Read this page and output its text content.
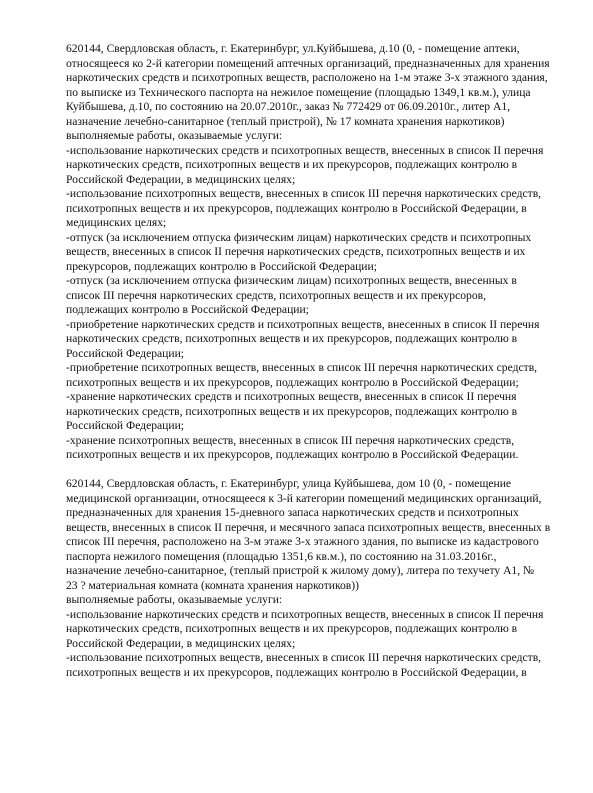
620144, Свердловская область, г. Екатеринбург, ул.Куйбышева, д.10 (0, - помещение аптеки,
относящееся ко 2-й категории помещений аптечных организаций, предназначенных для хранения
наркотических средств и психотропных веществ, расположено на 1-м этаже 3-х этажного здания,
по выписке из Технического паспорта на нежилое помещение (площадью 1349,1 кв.м.), улица
Куйбышева, д.10, по состоянию на 20.07.2010г., заказ № 772429 от 06.09.2010г., литер А1,
назначение лечебно-санитарное (теплый пристрой), № 17 комната хранения наркотиков)
выполняемые работы, оказываемые услуги:
-использование наркотических средств и психотропных веществ, внесенных в список II перечня
наркотических средств, психотропных веществ и их прекурсоров, подлежащих контролю в
Российской Федерации, в медицинских целях;
-использование психотропных веществ, внесенных в список III перечня наркотических средств,
психотропных веществ и их прекурсоров, подлежащих контролю в Российской Федерации, в
медицинских целях;
-отпуск (за исключением отпуска физическим лицам) наркотических средств и психотропных
веществ, внесенных в список II перечня наркотических средств, психотропных веществ и их
прекурсоров, подлежащих контролю в Российской Федерации;
-отпуск (за исключением отпуска физическим лицам) психотропных веществ, внесенных в
список III перечня наркотических средств, психотропных веществ и их прекурсоров,
подлежащих контролю в Российской Федерации;
-приобретение наркотических средств и психотропных веществ, внесенных в список II перечня
наркотических средств, психотропных веществ и их прекурсоров, подлежащих контролю в
Российской Федерации;
-приобретение психотропных веществ, внесенных в список III перечня наркотических средств,
психотропных веществ и их прекурсоров, подлежащих контролю в Российской Федерации;
-хранение наркотических средств и психотропных веществ, внесенных в список II перечня
наркотических средств, психотропных веществ и их прекурсоров, подлежащих контролю в
Российской Федерации;
-хранение психотропных веществ, внесенных в список III перечня наркотических средств,
психотропных веществ и их прекурсоров, подлежащих контролю в Российской Федерации.
620144, Свердловская область, г. Екатеринбург, улица Куйбышева, дом 10 (0, - помещение
медицинской организации, относящееся к 3-й категории помещений медицинских организаций,
предназначенных для хранения 15-дневного запаса наркотических средств и психотропных
веществ, внесенных в список II перечня, и месячного запаса психотропных веществ, внесенных в
список III перечня, расположено на 3-м этаже 3-х этажного здания, по выписке из кадастрового
паспорта нежилого помещения (площадью 1351,6 кв.м.), по состоянию на 31.03.2016г.,
назначение лечебно-санитарное, (теплый пристрой к жилому дому), литера по техучету А1, №
23 ? материальная комната (комната хранения наркотиков))
выполняемые работы, оказываемые услуги:
-использование наркотических средств и психотропных веществ, внесенных в список II перечня
наркотических средств, психотропных веществ и их прекурсоров, подлежащих контролю в
Российской Федерации, в медицинских целях;
-использование психотропных веществ, внесенных в список III перечня наркотических средств,
психотропных веществ и их прекурсоров, подлежащих контролю в Российской Федерации, в
